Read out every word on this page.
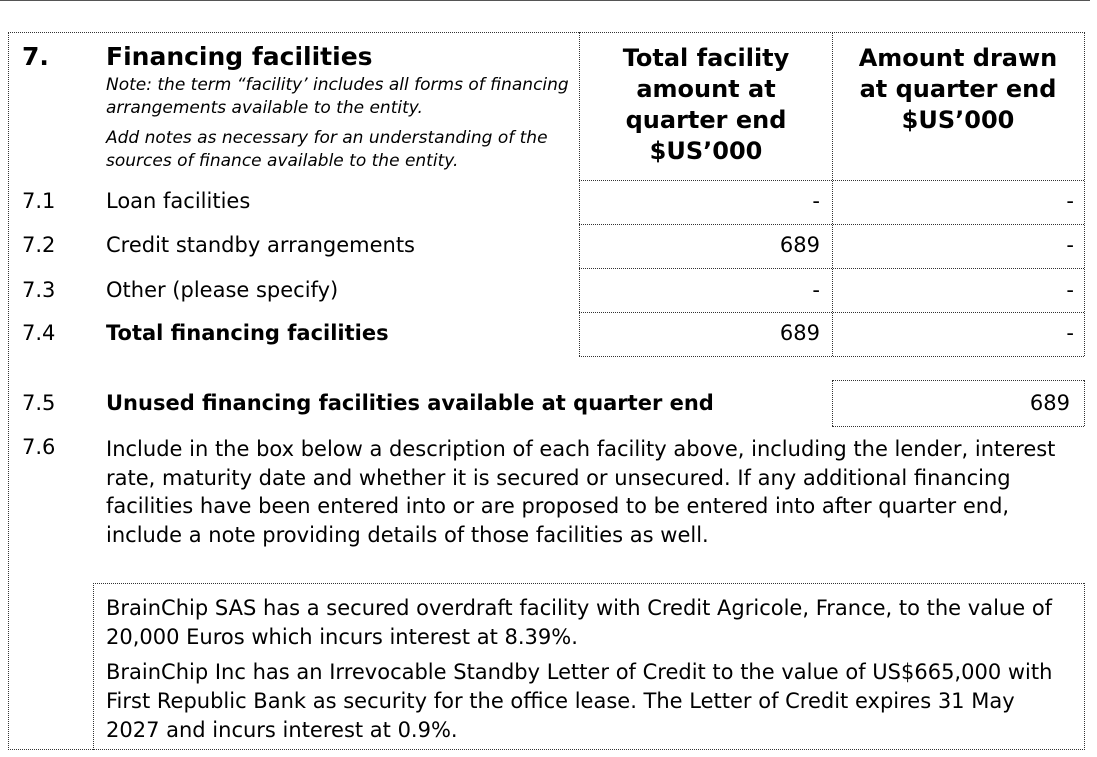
7. Financing facilities
Note: the term “facility’ includes all forms of financing arrangements available to the entity.
Add notes as necessary for an understanding of the sources of finance available to the entity.
Total facility amount at quarter end $US’000
Amount drawn at quarter end $US’000
7.1 Loan facilities	-	-
7.2 Credit standby arrangements	689	-
7.3 Other (please specify)	-	-
7.4 Total financing facilities	689	-
7.5 Unused financing facilities available at quarter end	689
7.6 Include in the box below a description of each facility above, including the lender, interest rate, maturity date and whether it is secured or unsecured. If any additional financing facilities have been entered into or are proposed to be entered into after quarter end, include a note providing details of those facilities as well.
BrainChip SAS has a secured overdraft facility with Credit Agricole, France, to the value of 20,000 Euros which incurs interest at 8.39%.
BrainChip Inc has an Irrevocable Standby Letter of Credit to the value of US$665,000 with First Republic Bank as security for the office lease. The Letter of Credit expires 31 May 2027 and incurs interest at 0.9%.
